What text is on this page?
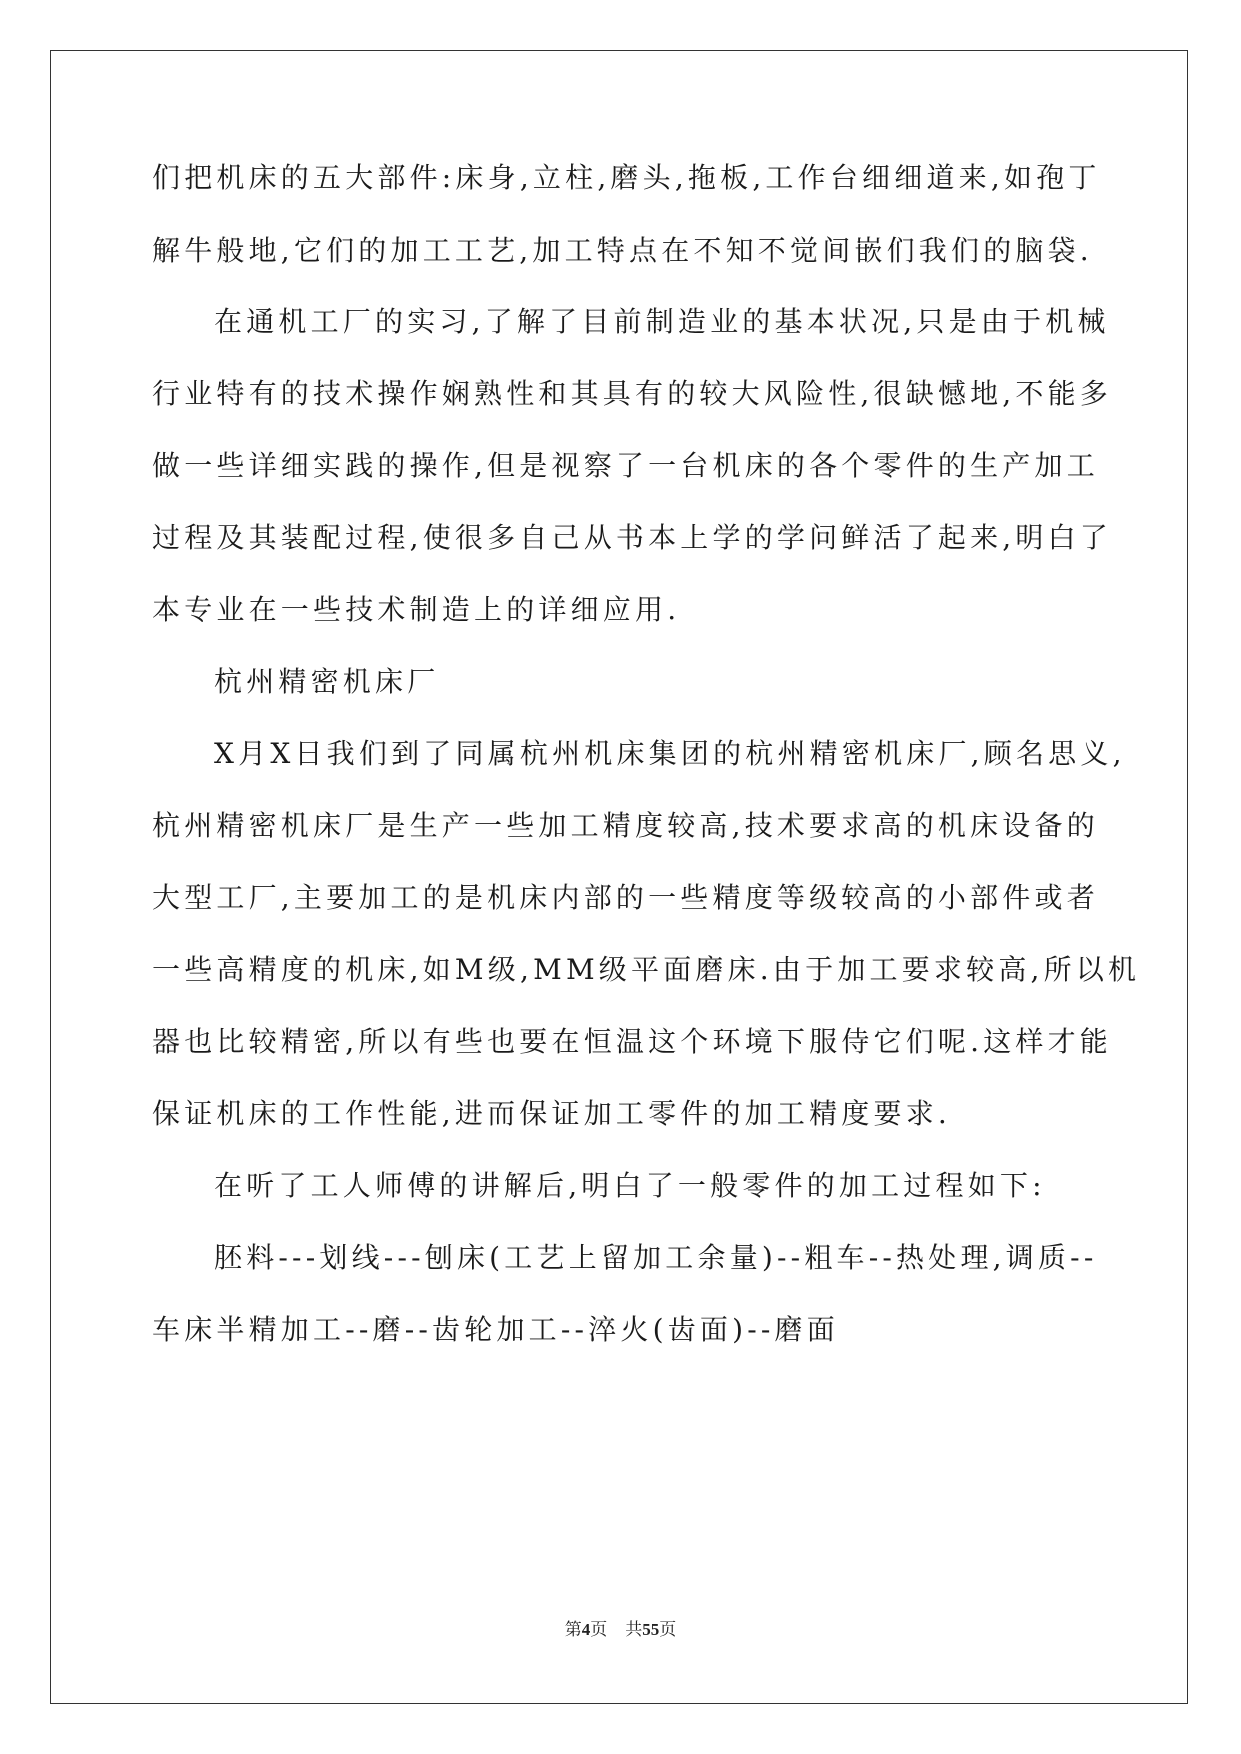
们把机床的五大部件:床身,立柱,磨头,拖板,工作台细细道来,如孢丁
解牛般地,它们的加工工艺,加工特点在不知不觉间嵌们我们的脑袋.
在通机工厂的实习,了解了目前制造业的基本状况,只是由于机械
行业特有的技术操作娴熟性和其具有的较大风险性,很缺憾地,不能多
做一些详细实践的操作,但是视察了一台机床的各个零件的生产加工
过程及其装配过程,使很多自己从书本上学的学问鲜活了起来,明白了
本专业在一些技术制造上的详细应用.
杭州精密机床厂
X月X日我们到了同属杭州机床集团的杭州精密机床厂,顾名思义,
杭州精密机床厂是生产一些加工精度较高,技术要求高的机床设备的
大型工厂,主要加工的是机床内部的一些精度等级较高的小部件或者
一些高精度的机床,如M级,MM级平面磨床.由于加工要求较高,所以机
器也比较精密,所以有些也要在恒温这个环境下服侍它们呢.这样才能
保证机床的工作性能,进而保证加工零件的加工精度要求.
在听了工人师傅的讲解后,明白了一般零件的加工过程如下:
胚料---划线---刨床(工艺上留加工余量)--粗车--热处理,调质--
车床半精加工--磨--齿轮加工--淬火(齿面)--磨面
第4页 共55页
